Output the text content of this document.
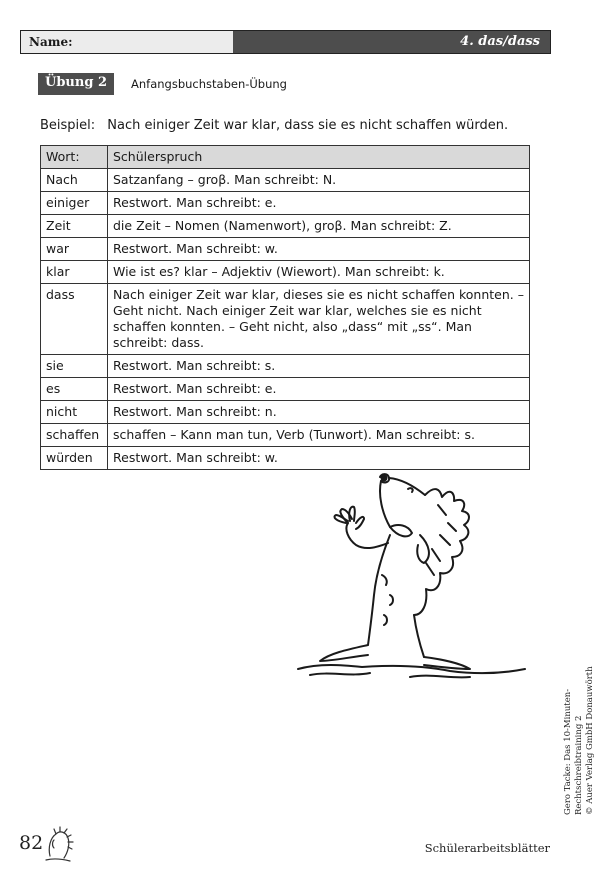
Name:	4. das/dass
Übung 2	Anfangsbuchstaben-Übung
Beispiel: Nach einiger Zeit war klar, dass sie es nicht schaffen würden.
Wort:	Schülerspruch
Nach	Satzanfang – groβ. Man schreibt: N.
einiger	Restwort. Man schreibt: e.
Zeit	die Zeit – Nomen (Namenwort), groβ. Man schreibt: Z.
war	Restwort. Man schreibt: w.
klar	Wie ist es? klar – Adjektiv (Wiewort). Man schreibt: k.
dass	Nach einiger Zeit war klar, dieses sie es nicht schaffen konnten. – Geht nicht. Nach einiger Zeit war klar, welches sie es nicht schaffen konnten. – Geht nicht, also „dass“ mit „ss“. Man schreibt: dass.
sie	Restwort. Man schreibt: s.
es	Restwort. Man schreibt: e.
nicht	Restwort. Man schreibt: n.
schaffen	schaffen – Kann man tun, Verb (Tunwort). Man schreibt: s.
würden	Restwort. Man schreibt: w.
Gero Tacke: Das 10-Minuten-Rechtschreibtraining 2 © Auer Verlag GmbH Donauwörth
82	Schülerarbeitsblätter
